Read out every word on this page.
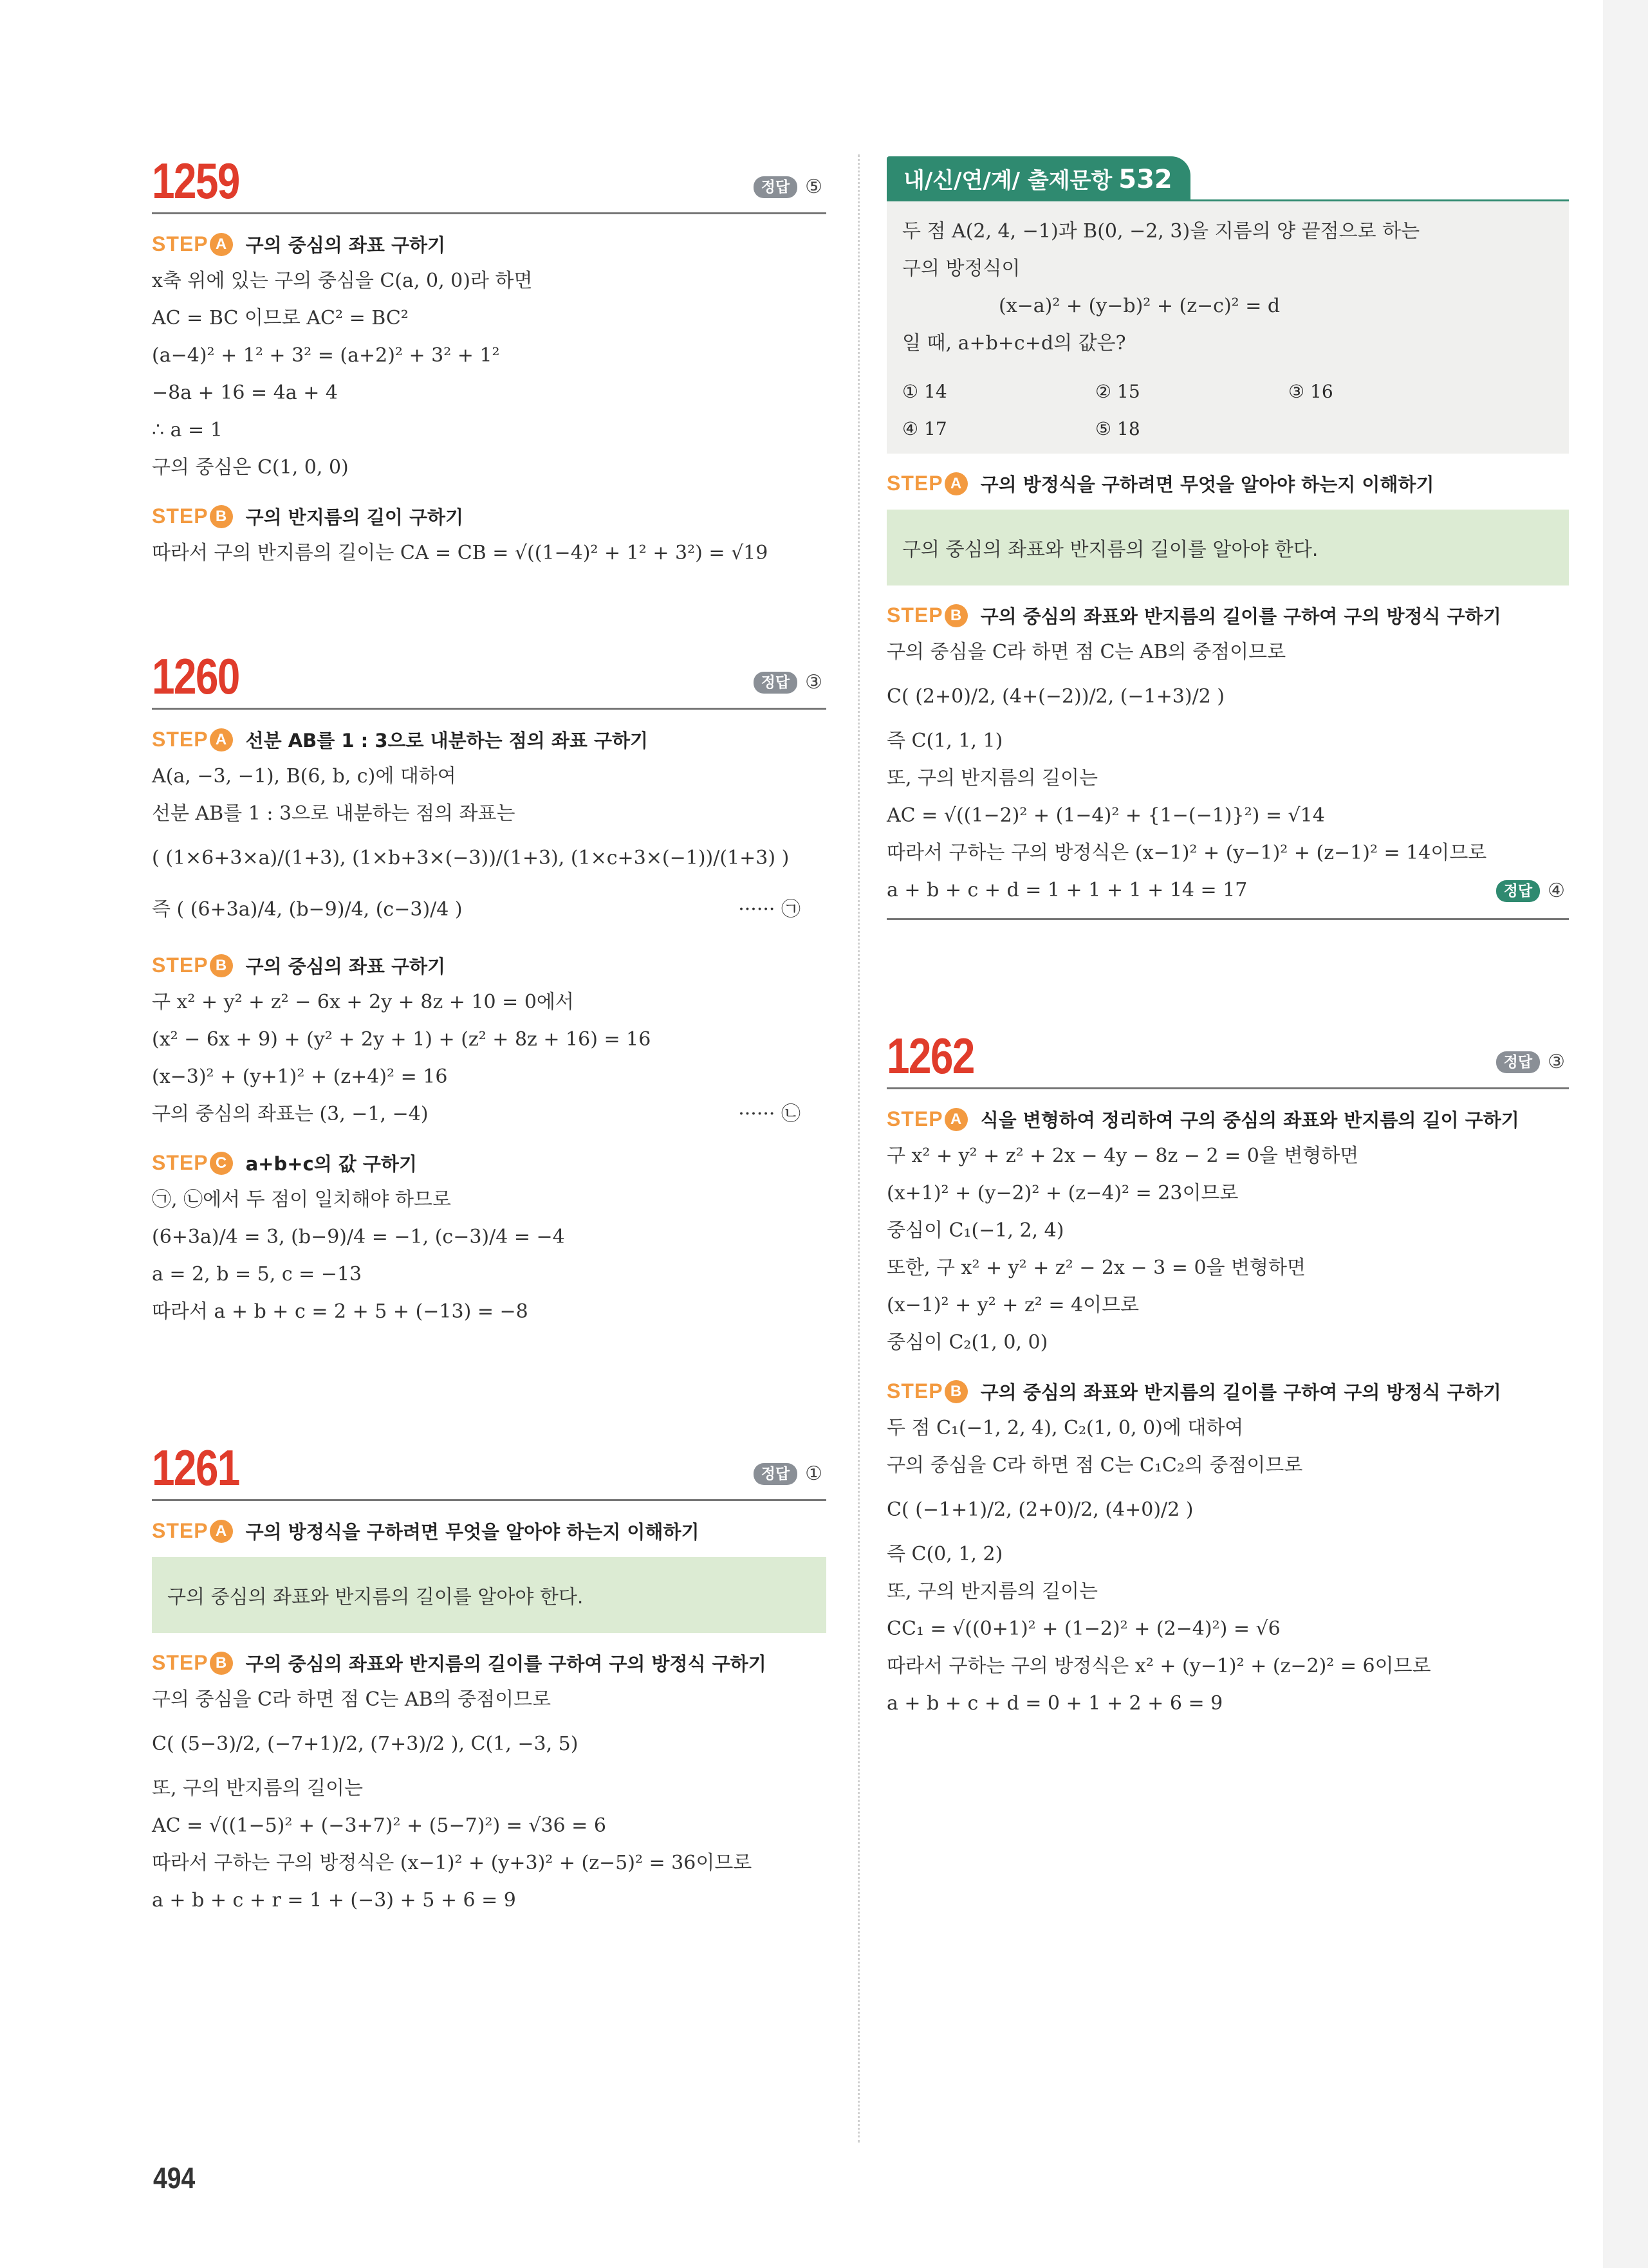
1259	정답 ⑤
STEP A	구의 중심의 좌표 구하기
x축 위에 있는 구의 중심을 C(a, 0, 0)라 하면
AC = BC 이므로 AC² = BC²
(a−4)² + 1² + 3² = (a+2)² + 3² + 1²
−8a + 16 = 4a + 4
∴ a = 1
구의 중심은 C(1, 0, 0)
STEP B	구의 반지름의 길이 구하기
따라서 구의 반지름의 길이는 CA = CB = √((1−4)² + 1² + 3²) = √19
1260	정답 ③
STEP A	선분 AB를 1 : 3으로 내분하는 점의 좌표 구하기
A(a, −3, −1), B(6, b, c)에 대하여
선분 AB를 1 : 3으로 내분하는 점의 좌표는
( (1×6+3×a)/(1+3), (1×b+3×(−3))/(1+3), (1×c+3×(−1))/(1+3) )
즉 ( (6+3a)/4, (b−9)/4, (c−3)/4 )	······ ㉠
STEP B	구의 중심의 좌표 구하기
구 x² + y² + z² − 6x + 2y + 8z + 10 = 0에서
(x² − 6x + 9) + (y² + 2y + 1) + (z² + 8z + 16) = 16
(x−3)² + (y+1)² + (z+4)² = 16
구의 중심의 좌표는 (3, −1, −4)	······ ㉡
STEP C	a+b+c의 값 구하기
㉠, ㉡에서 두 점이 일치해야 하므로
(6+3a)/4 = 3, (b−9)/4 = −1, (c−3)/4 = −4
a = 2, b = 5, c = −13
따라서 a + b + c = 2 + 5 + (−13) = −8
1261	정답 ①
STEP A	구의 방정식을 구하려면 무엇을 알아야 하는지 이해하기
구의 중심의 좌표와 반지름의 길이를 알아야 한다.
STEP B	구의 중심의 좌표와 반지름의 길이를 구하여 구의 방정식 구하기
구의 중심을 C라 하면 점 C는 AB의 중점이므로
C( (5−3)/2, (−7+1)/2, (7+3)/2 ), C(1, −3, 5)
또, 구의 반지름의 길이는
AC = √((1−5)² + (−3+7)² + (5−7)²) = √36 = 6
따라서 구하는 구의 방정식은 (x−1)² + (y+3)² + (z−5)² = 36이므로
a + b + c + r = 1 + (−3) + 5 + 6 = 9
내/신/연/계/ 출제문항 532
두 점 A(2, 4, −1)과 B(0, −2, 3)을 지름의 양 끝점으로 하는
구의 방정식이
(x−a)² + (y−b)² + (z−c)² = d
일 때, a+b+c+d의 값은?
① 14	② 15	③ 16
④ 17	⑤ 18
STEP A	구의 방정식을 구하려면 무엇을 알아야 하는지 이해하기
구의 중심의 좌표와 반지름의 길이를 알아야 한다.
STEP B	구의 중심의 좌표와 반지름의 길이를 구하여 구의 방정식 구하기
구의 중심을 C라 하면 점 C는 AB의 중점이므로
C( (2+0)/2, (4+(−2))/2, (−1+3)/2 )
즉 C(1, 1, 1)
또, 구의 반지름의 길이는
AC = √((1−2)² + (1−4)² + {1−(−1)}²) = √14
따라서 구하는 구의 방정식은 (x−1)² + (y−1)² + (z−1)² = 14이므로
a + b + c + d = 1 + 1 + 1 + 14 = 17	정답 ④
1262	정답 ③
STEP A	식을 변형하여 정리하여 구의 중심의 좌표와 반지름의 길이 구하기
구 x² + y² + z² + 2x − 4y − 8z − 2 = 0을 변형하면
(x+1)² + (y−2)² + (z−4)² = 23이므로
중심이 C₁(−1, 2, 4)
또한, 구 x² + y² + z² − 2x − 3 = 0을 변형하면
(x−1)² + y² + z² = 4이므로
중심이 C₂(1, 0, 0)
STEP B	구의 중심의 좌표와 반지름의 길이를 구하여 구의 방정식 구하기
두 점 C₁(−1, 2, 4), C₂(1, 0, 0)에 대하여
구의 중심을 C라 하면 점 C는 C₁C₂의 중점이므로
C( (−1+1)/2, (2+0)/2, (4+0)/2 )
즉 C(0, 1, 2)
또, 구의 반지름의 길이는
CC₁ = √((0+1)² + (1−2)² + (2−4)²) = √6
따라서 구하는 구의 방정식은 x² + (y−1)² + (z−2)² = 6이므로
a + b + c + d = 0 + 1 + 2 + 6 = 9
494
